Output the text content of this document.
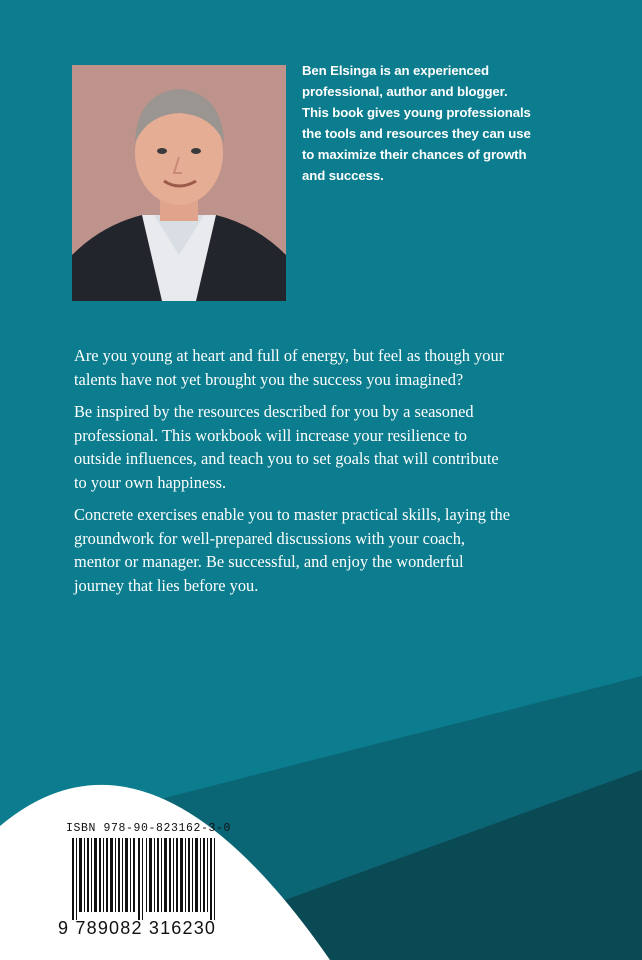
Ben Elsinga is an experienced professional, author and blogger. This book gives young professionals the tools and resources they can use to maximize their chances of growth and success.

Are you young at heart and full of energy, but feel as though your talents have not yet brought you the success you imagined?

Be inspired by the resources described for you by a seasoned professional. This workbook will increase your resilience to outside influences, and teach you to set goals that will contribute to your own happiness.

Concrete exercises enable you to master practical skills, laying the groundwork for well-prepared discussions with your coach, mentor or manager. Be successful, and enjoy the wonderful journey that lies before you.

ISBN 978-90-823162-3-0
9 789082 316230
